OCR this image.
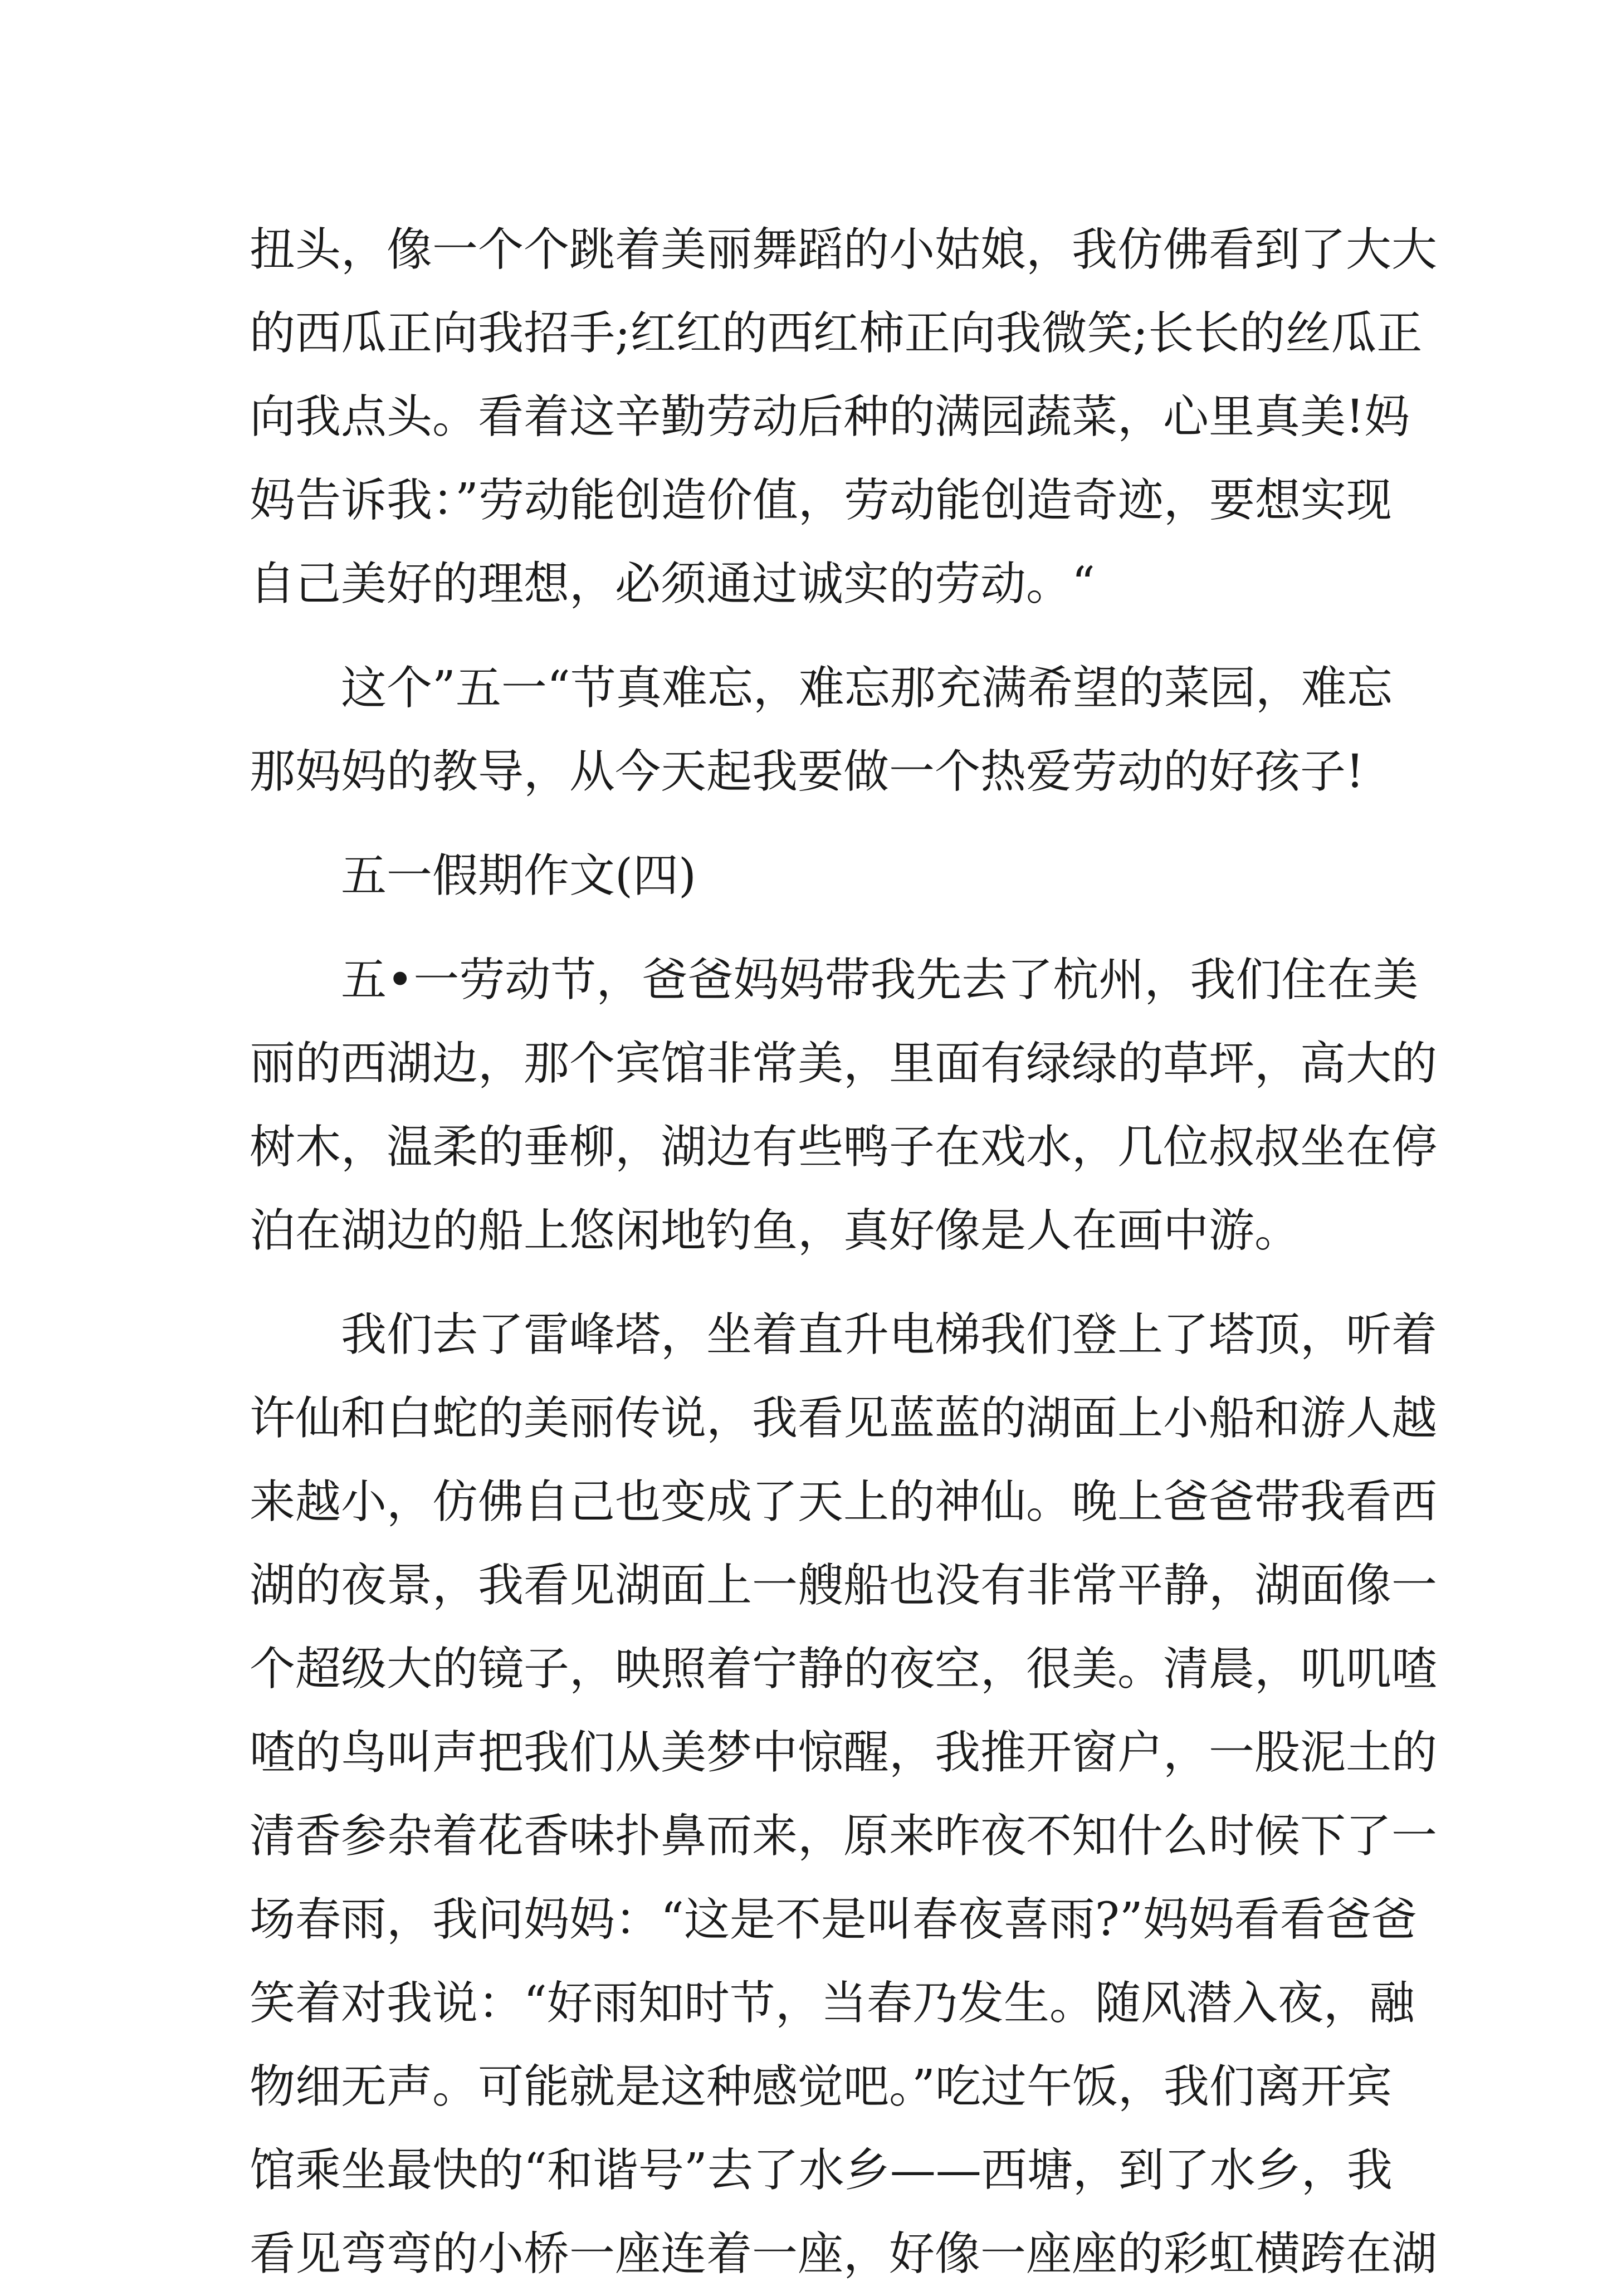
扭头，像一个个跳着美丽舞蹈的小姑娘，我仿佛看到了大大
的西瓜正向我招手;红红的西红柿正向我微笑;长长的丝瓜正
向我点头。看着这辛勤劳动后种的满园蔬菜，心里真美!妈
妈告诉我：”劳动能创造价值，劳动能创造奇迹，要想实现
自己美好的理想，必须通过诚实的劳动。“
这个”五一“节真难忘，难忘那充满希望的菜园，难忘
那妈妈的教导，从今天起我要做一个热爱劳动的好孩子!
五一假期作文(四)
五•一劳动节，爸爸妈妈带我先去了杭州，我们住在美
丽的西湖边，那个宾馆非常美，里面有绿绿的草坪，高大的
树木，温柔的垂柳，湖边有些鸭子在戏水，几位叔叔坐在停
泊在湖边的船上悠闲地钓鱼，真好像是人在画中游。
我们去了雷峰塔，坐着直升电梯我们登上了塔顶，听着
许仙和白蛇的美丽传说，我看见蓝蓝的湖面上小船和游人越
来越小，仿佛自己也变成了天上的神仙。晚上爸爸带我看西
湖的夜景，我看见湖面上一艘船也没有非常平静，湖面像一
个超级大的镜子，映照着宁静的夜空，很美。清晨，叽叽喳
喳的鸟叫声把我们从美梦中惊醒，我推开窗户，一股泥土的
清香参杂着花香味扑鼻而来，原来昨夜不知什么时候下了一
场春雨，我问妈妈：“这是不是叫春夜喜雨?”妈妈看看爸爸
笑着对我说：“好雨知时节，当春乃发生。随风潜入夜，融
物细无声。可能就是这种感觉吧。”吃过午饭，我们离开宾
馆乘坐最快的“和谐号”去了水乡——西塘，到了水乡，我
看见弯弯的小桥一座连着一座，好像一座座的彩虹横跨在湖
